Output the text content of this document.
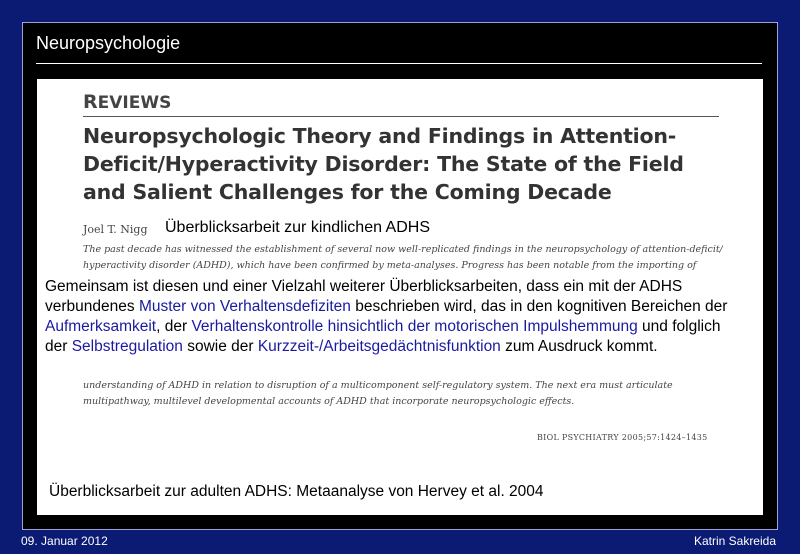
Neuropsychologie
REVIEWS
Neuropsychologic Theory and Findings in Attention-Deficit/Hyperactivity Disorder: The State of the Field and Salient Challenges for the Coming Decade
Joel T. Nigg Überblicksarbeit zur kindlichen ADHS
The past decade has witnessed the establishment of several now well-replicated findings in the neuropsychology of attention-deficit/ hyperactivity disorder (ADHD), which have been confirmed by meta-analyses. Progress has been notable from the importing of
understanding of ADHD in relation to disruption of a multicomponent self-regulatory system. The next era must articulate multipathway, multilevel developmental accounts of ADHD that incorporate neuropsychologic effects.
BIOL PSYCHIATRY 2005;57:1424–1435
Gemeinsam ist diesen und einer Vielzahl weiterer Überblicksarbeiten, dass ein mit der ADHS verbundenes Muster von Verhaltensdefiziten beschrieben wird, das in den kognitiven Bereichen der Aufmerksamkeit, der Verhaltenskontrolle hinsichtlich der motorischen Impulshemmung und folglich der Selbstregulation sowie der Kurzzeit-/Arbeitsgedächtnisfunktion zum Ausdruck kommt.
Überblicksarbeit zur adulten ADHS: Metaanalyse von Hervey et al. 2004
09. Januar 2012	Katrin Sakreida
